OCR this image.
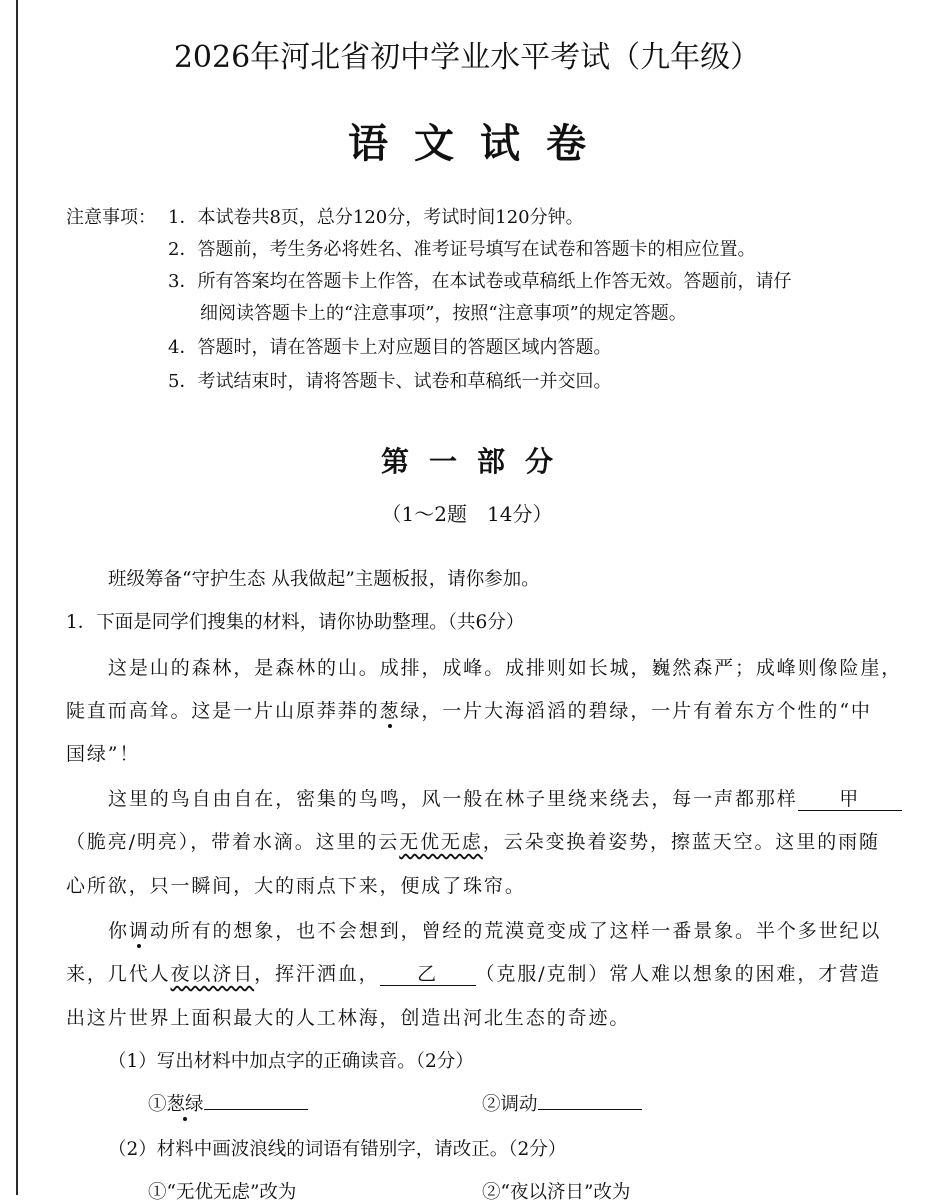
2026年河北省初中学业水平考试（九年级）
语文试卷
注意事项： 1．本试卷共8页，总分120分，考试时间120分钟。
2．答题前，考生务必将姓名、准考证号填写在试卷和答题卡的相应位置。
3．所有答案均在答题卡上作答，在本试卷或草稿纸上作答无效。答题前，请仔
细阅读答题卡上的“注意事项”，按照“注意事项”的规定答题。
4．答题时，请在答题卡上对应题目的答题区域内答题。
5．考试结束时，请将答题卡、试卷和草稿纸一并交回。
第一部分
（1～2题　14分）
班级筹备“守护生态 从我做起”主题板报，请你参加。
1．下面是同学们搜集的材料，请你协助整理。（共6分）
这是山的森林，是森林的山。成排，成峰。成排则如长城，巍然森严；成峰则像险崖，
陡直而高耸。这是一片山原莽莽的葱绿，一片大海滔滔的碧绿，一片有着东方个性的“中
国绿”！
这里的鸟自由自在，密集的鸟鸣，风一般在林子里绕来绕去，每一声都那样 甲
（脆亮/明亮），带着水滴。这里的云无优无虑，云朵变换着姿势，擦蓝天空。这里的雨随
心所欲，只一瞬间，大的雨点下来，便成了珠帘。
你调动所有的想象，也不会想到，曾经的荒漠竟变成了这样一番景象。半个多世纪以
来，几代人夜以济日，挥汗洒血， 乙 （克服/克制）常人难以想象的困难，才营造
出这片世界上面积最大的人工林海，创造出河北生态的奇迹。
（1）写出材料中加点字的正确读音。（2分）
①葱绿	②调动
（2）材料中画波浪线的词语有错别字，请改正。（2分）
①“无优无虑”改为	②“夜以济日”改为
